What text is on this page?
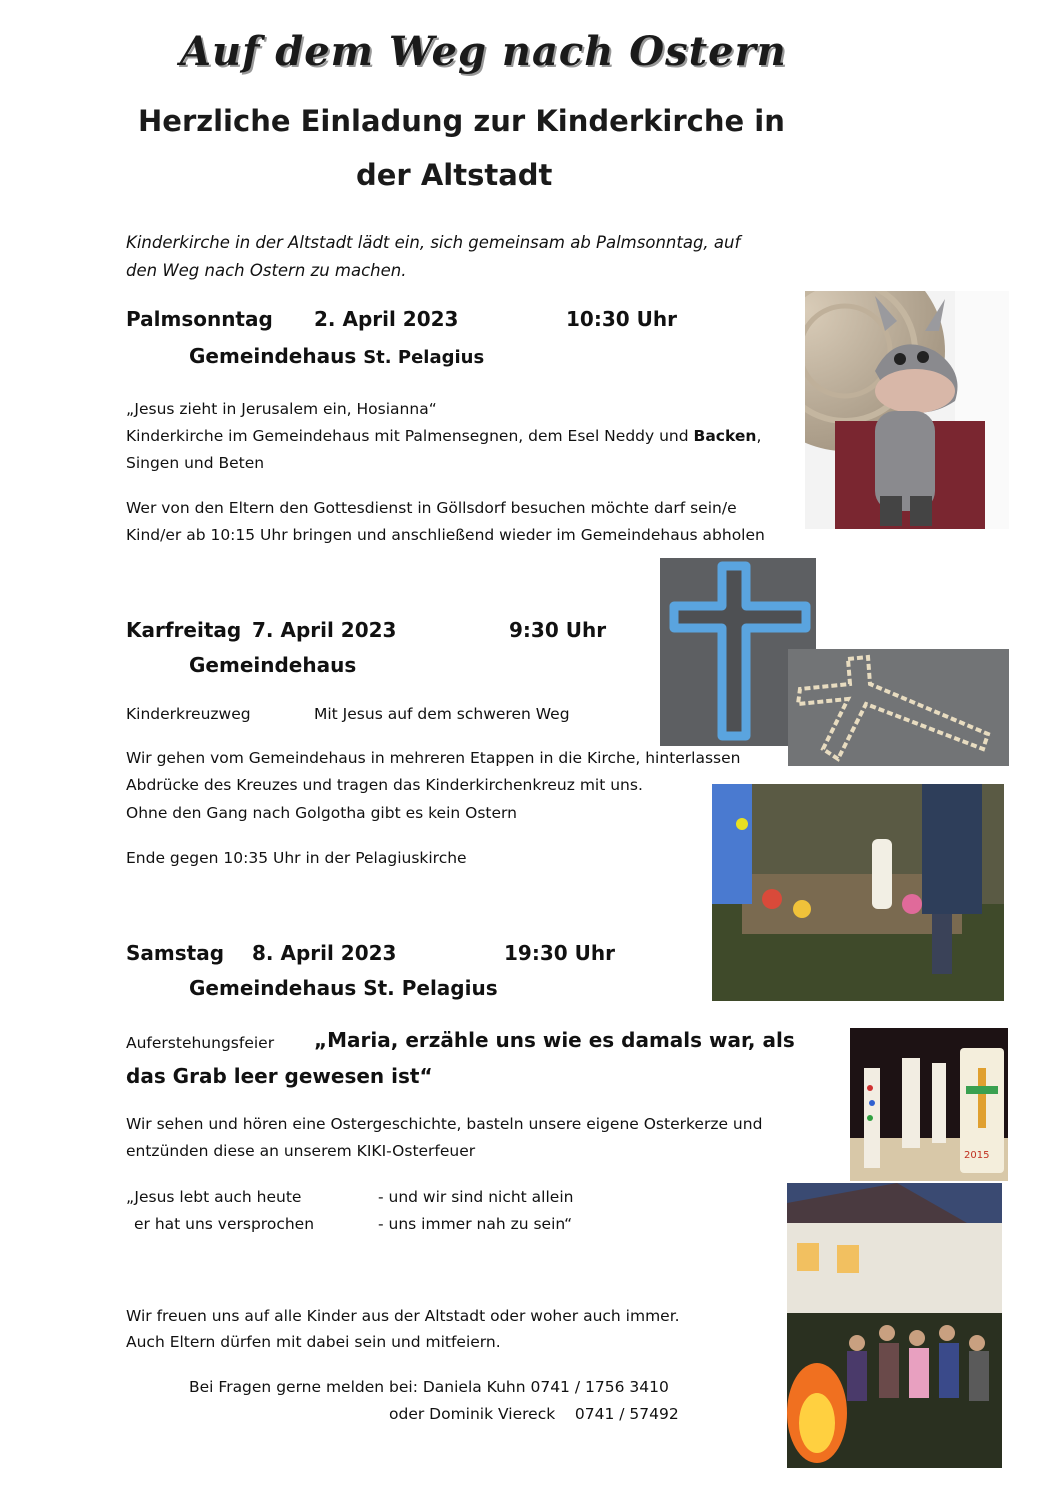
Auf dem Weg nach Ostern
Herzliche Einladung zur Kinderkirche in
der Altstadt
Kinderkirche in der Altstadt lädt ein, sich gemeinsam ab Palmsonntag, auf
den Weg nach Ostern zu machen.
Palmsonntag 2. April 2023	10:30 Uhr
Gemeindehaus St. Pelagius
„Jesus zieht in Jerusalem ein, Hosianna“
Kinderkirche im Gemeindehaus mit Palmensegnen, dem Esel Neddy und Backen,
Singen und Beten
Wer von den Eltern den Gottesdienst in Göllsdorf besuchen möchte darf sein/e
Kind/er ab 10:15 Uhr bringen und anschließend wieder im Gemeindehaus abholen
Karfreitag 7. April 2023	9:30 Uhr
Gemeindehaus
Kinderkreuzweg	Mit Jesus auf dem schweren Weg
Wir gehen vom Gemeindehaus in mehreren Etappen in die Kirche, hinterlassen
Abdrücke des Kreuzes und tragen das Kinderkirchenkreuz mit uns.
Ohne den Gang nach Golgotha gibt es kein Ostern
Ende gegen 10:35 Uhr in der Pelagiuskirche
Samstag 8. April 2023	19:30 Uhr
Gemeindehaus St. Pelagius
Auferstehungsfeier „Maria, erzähle uns wie es damals war, als
das Grab leer gewesen ist“
Wir sehen und hören eine Ostergeschichte, basteln unsere eigene Osterkerze und
entzünden diese an unserem KIKI-Osterfeuer
„Jesus lebt auch heute	- und wir sind nicht allein
er hat uns versprochen	- uns immer nah zu sein“
2015
Wir freuen uns auf alle Kinder aus der Altstadt oder woher auch immer.
Auch Eltern dürfen mit dabei sein und mitfeiern.
Bei Fragen gerne melden bei: Daniela Kuhn 0741 / 1756 3410
oder Dominik Viereck    0741 / 57492
